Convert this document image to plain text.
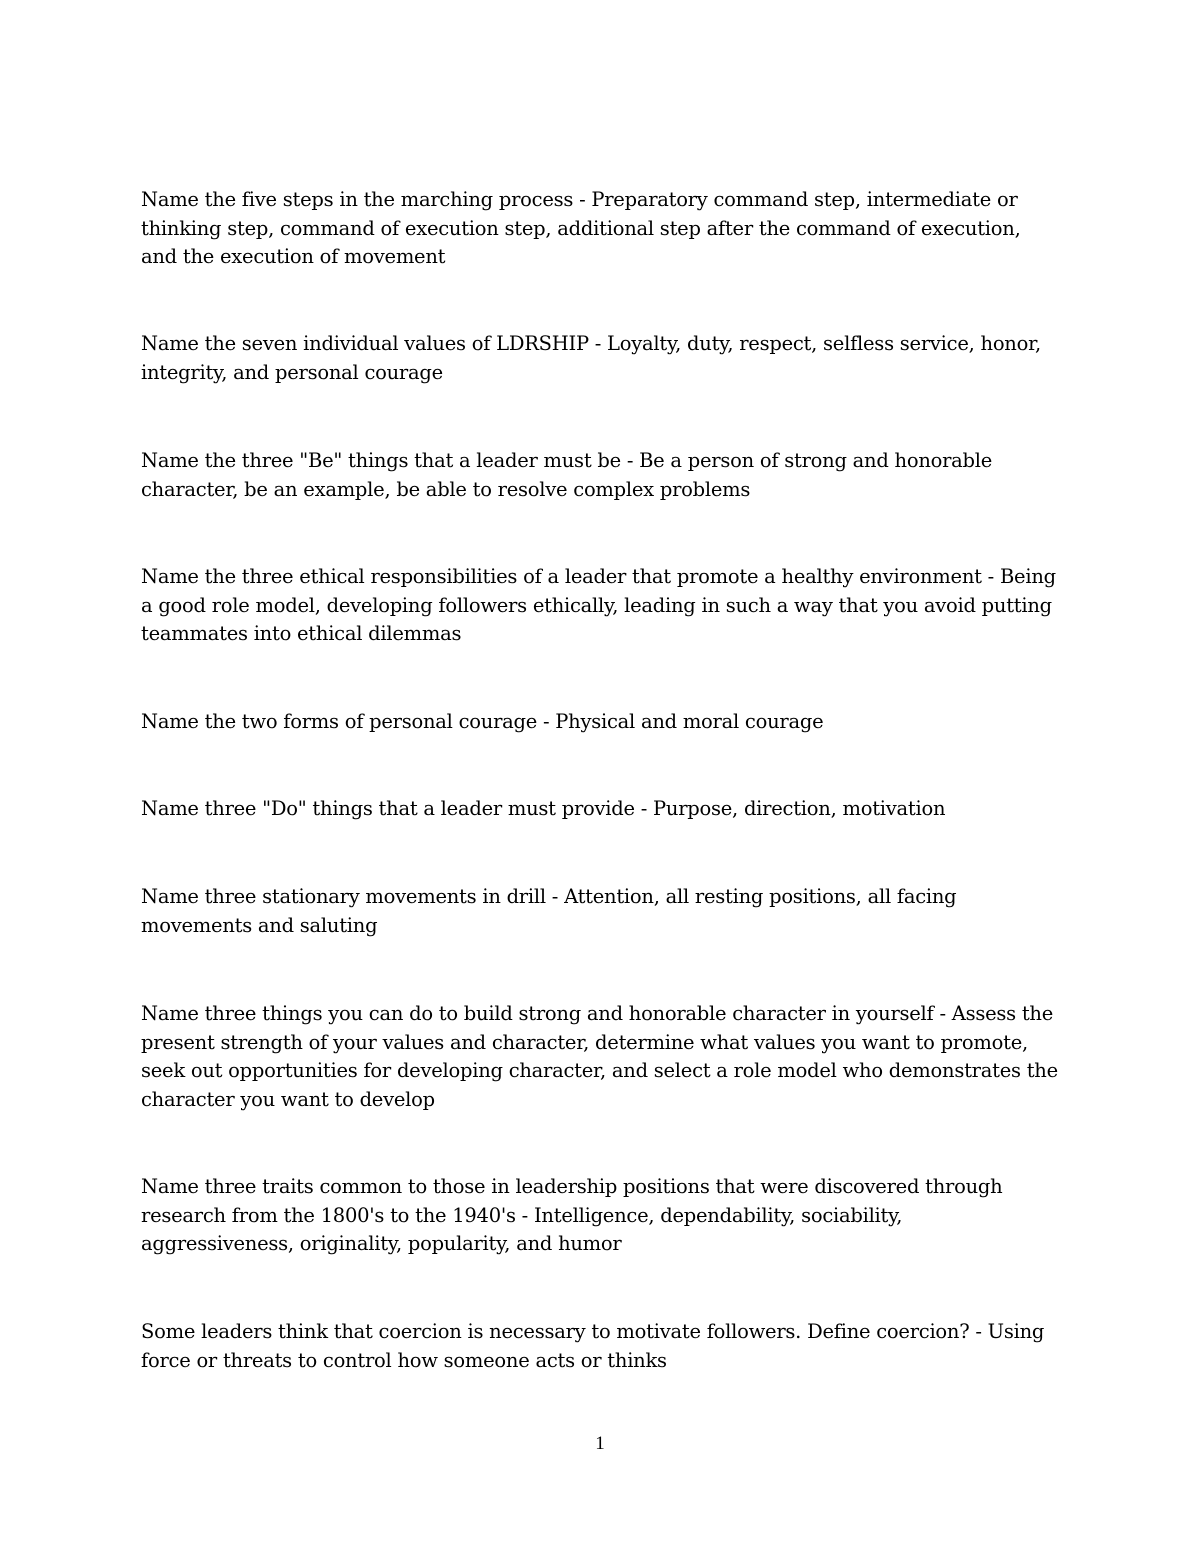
Name the five steps in the marching process - Preparatory command step, intermediate or thinking step, command of execution step, additional step after the command of execution, and the execution of movement

Name the seven individual values of LDRSHIP - Loyalty, duty, respect, selfless service, honor, integrity, and personal courage

Name the three "Be" things that a leader must be - Be a person of strong and honorable character, be an example, be able to resolve complex problems

Name the three ethical responsibilities of a leader that promote a healthy environment - Being a good role model, developing followers ethically, leading in such a way that you avoid putting teammates into ethical dilemmas

Name the two forms of personal courage - Physical and moral courage

Name three "Do" things that a leader must provide - Purpose, direction, motivation

Name three stationary movements in drill - Attention, all resting positions, all facing movements and saluting

Name three things you can do to build strong and honorable character in yourself - Assess the present strength of your values and character, determine what values you want to promote, seek out opportunities for developing character, and select a role model who demonstrates the character you want to develop

Name three traits common to those in leadership positions that were discovered through research from the 1800's to the 1940's - Intelligence, dependability, sociability, aggressiveness, originality, popularity, and humor

Some leaders think that coercion is necessary to motivate followers. Define coercion? - Using force or threats to control how someone acts or thinks

1
